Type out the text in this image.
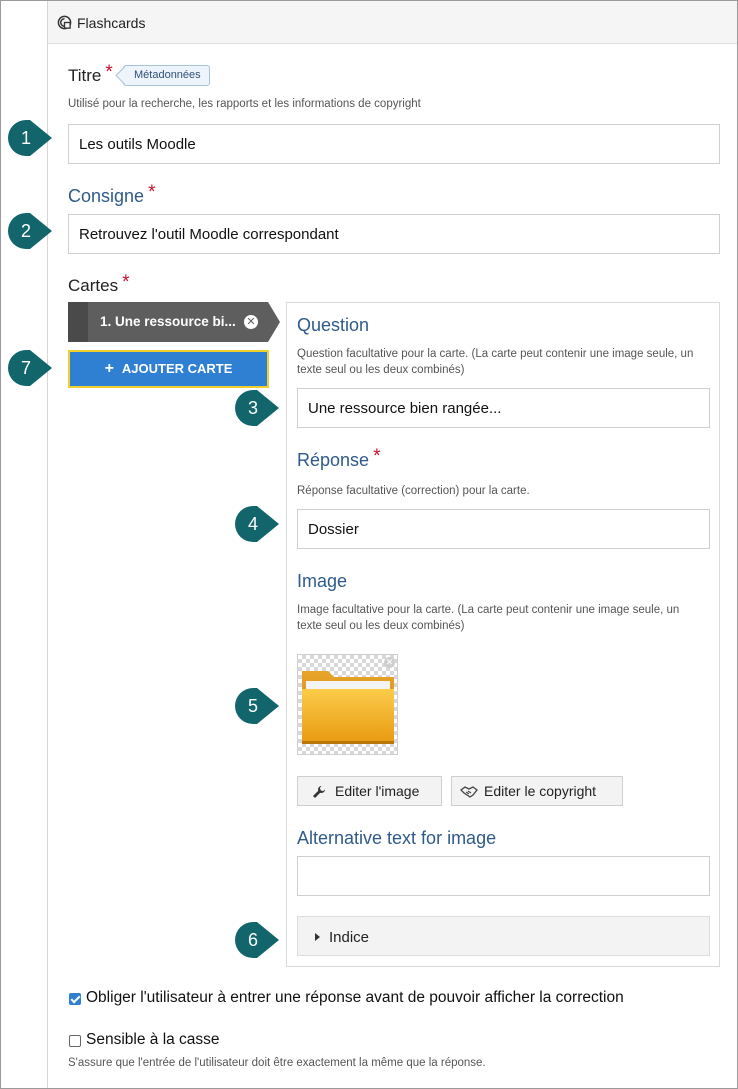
Flashcards
Titre *	Métadonnées
Utilisé pour la recherche, les rapports et les informations de copyright
Les outils Moodle
Consigne *
Retrouvez l'outil Moodle correspondant
Cartes *
1. Une ressource bi... ✕
+ AJOUTER CARTE
Question
Question facultative pour la carte. (La carte peut contenir une image seule, un texte seul ou les deux combinés)
Une ressource bien rangée...
Réponse *
Réponse facultative (correction) pour la carte.
Dossier
Image
Image facultative pour la carte. (La carte peut contenir une image seule, un texte seul ou les deux combinés)
✕
Editer l'image	Editer le copyright
Alternative text for image
Indice
Obliger l'utilisateur à entrer une réponse avant de pouvoir afficher la correction
Sensible à la casse
S'assure que l'entrée de l'utilisateur doit être exactement la même que la réponse.
1
2
3
4
5
6
7
